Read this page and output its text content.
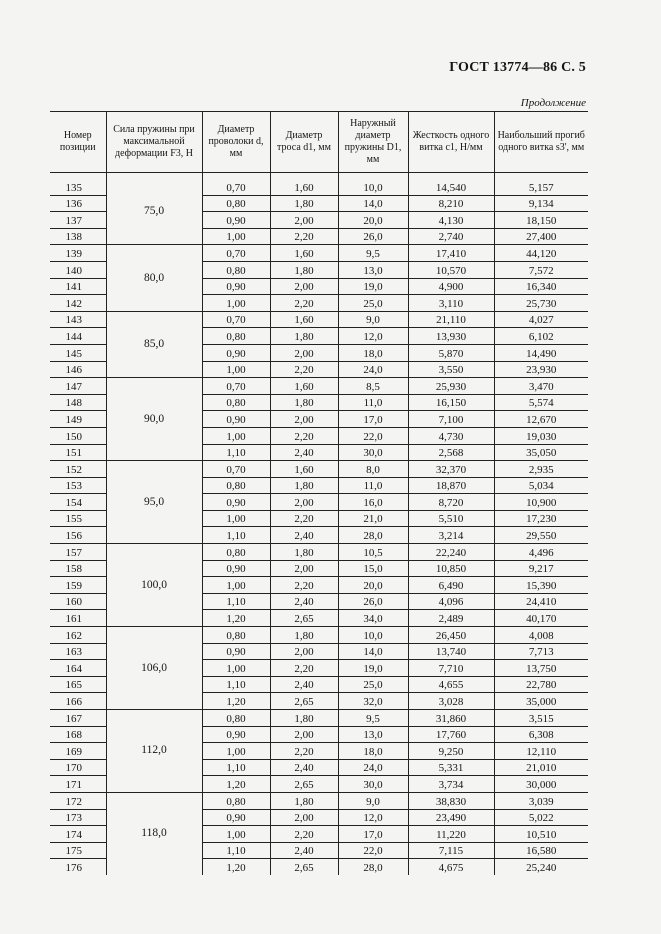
ГОСТ 13774—86 С. 5
Продолжение
Номер позиции	Сила пружины при максимальной деформации F3, Н	Диаметр проволоки d, мм	Диаметр троса d1, мм	Наружный диаметр пружины D1, мм	Жесткость одного витка c1, Н/мм	Наибольший прогиб одного витка s3', мм

135	75,0	0,70	1,60	10,0	14,540	5,157
136		0,80	1,80	14,0	8,210	9,134
137		0,90	2,00	20,0	4,130	18,150
138		1,00	2,20	26,0	2,740	27,400
139	80,0	0,70	1,60	9,5	17,410	44,120
140		0,80	1,80	13,0	10,570	7,572
141		0,90	2,00	19,0	4,900	16,340
142		1,00	2,20	25,0	3,110	25,730
143	85,0	0,70	1,60	9,0	21,110	4,027
144		0,80	1,80	12,0	13,930	6,102
145		0,90	2,00	18,0	5,870	14,490
146		1,00	2,20	24,0	3,550	23,930
147	90,0	0,70	1,60	8,5	25,930	3,470
148		0,80	1,80	11,0	16,150	5,574
149		0,90	2,00	17,0	7,100	12,670
150		1,00	2,20	22,0	4,730	19,030
151		1,10	2,40	30,0	2,568	35,050
152	95,0	0,70	1,60	8,0	32,370	2,935
153		0,80	1,80	11,0	18,870	5,034
154		0,90	2,00	16,0	8,720	10,900
155		1,00	2,20	21,0	5,510	17,230
156		1,10	2,40	28,0	3,214	29,550
157	100,0	0,80	1,80	10,5	22,240	4,496
158		0,90	2,00	15,0	10,850	9,217
159		1,00	2,20	20,0	6,490	15,390
160		1,10	2,40	26,0	4,096	24,410
161		1,20	2,65	34,0	2,489	40,170
162	106,0	0,80	1,80	10,0	26,450	4,008
163		0,90	2,00	14,0	13,740	7,713
164		1,00	2,20	19,0	7,710	13,750
165		1,10	2,40	25,0	4,655	22,780
166		1,20	2,65	32,0	3,028	35,000
167	112,0	0,80	1,80	9,5	31,860	3,515
168		0,90	2,00	13,0	17,760	6,308
169		1,00	2,20	18,0	9,250	12,110
170		1,10	2,40	24,0	5,331	21,010
171		1,20	2,65	30,0	3,734	30,000
172	118,0	0,80	1,80	9,0	38,830	3,039
173		0,90	2,00	12,0	23,490	5,022
174		1,00	2,20	17,0	11,220	10,510
175		1,10	2,40	22,0	7,115	16,580
176		1,20	2,65	28,0	4,675	25,240
